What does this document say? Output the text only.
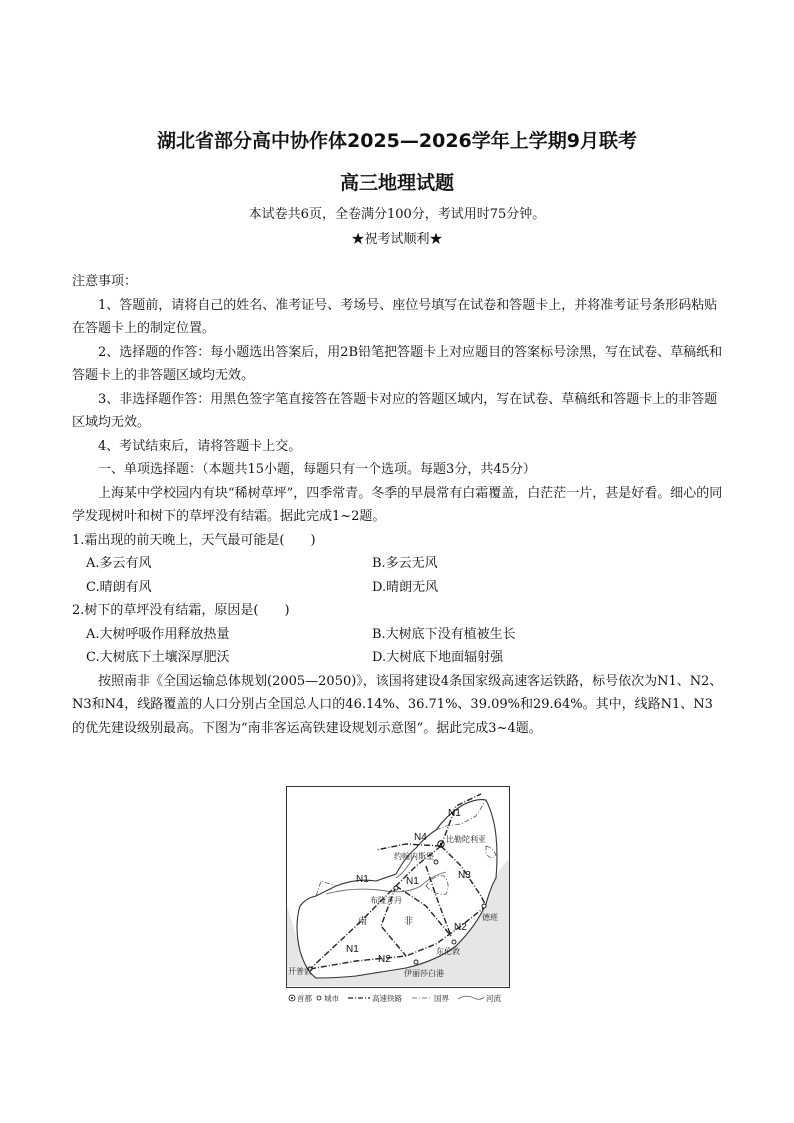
湖北省部分高中协作体2025—2026学年上学期9月联考
高三地理试题
本试卷共6页，全卷满分100分，考试用时75分钟。
★祝考试顺利★

注意事项：

1、答题前，请将自己的姓名、准考证号、考场号、座位号填写在试卷和答题卡上，并将准考证号条形码粘贴在答题卡上的制定位置。

2、选择题的作答：每小题选出答案后，用2B铅笔把答题卡上对应题目的答案标号涂黑，写在试卷、草稿纸和答题卡上的非答题区域均无效。

3、非选择题作答：用黑色签字笔直接答在答题卡对应的答题区域内，写在试卷、草稿纸和答题卡上的非答题区域均无效。

4、考试结束后，请将答题卡上交。

一、单项选择题：（本题共15小题，每题只有一个选项。每题3分，共45分）

上海某中学校园内有块“稀树草坪”，四季常青。冬季的早晨常有白霜覆盖，白茫茫一片，甚是好看。细心的同学发现树叶和树下的草坪没有结霜。据此完成1~2题。

1.霜出现的前天晚上，天气最可能是(　　)

A.多云有风	B.多云无风
C.晴朗有风	D.晴朗无风

2.树下的草坪没有结霜，原因是(　　)

A.大树呼吸作用释放热量	B.大树底下没有植被生长
C.大树底下土壤深厚肥沃	D.大树底下地面辐射强

按照南非《全国运输总体规划(2005—2050)》，该国将建设4条国家级高速客运铁路，标号依次为N1、N2、N3和N4，线路覆盖的人口分别占全国总人口的46.14%、36.71%、39.09%和29.64%。其中，线路N1、N3的优先建设级别最高。下图为“南非客运高铁建设规划示意图”。据此完成3~4题。

N1
N4
N1	N1
N3
N2
N1
N2
比勒陀利亚
约翰内斯堡
布隆方丹
德班
东伦敦
伊丽莎白港
开普敦
南	非
首都 城市	高速铁路	国界	河流
